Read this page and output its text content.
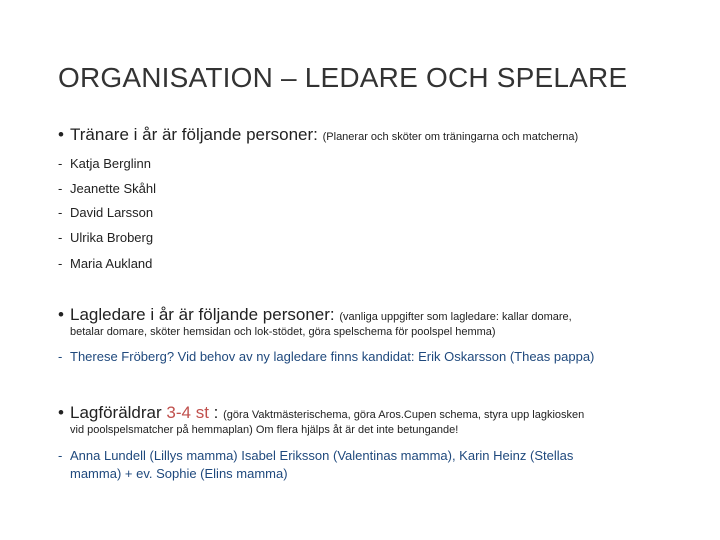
ORGANISATION – LEDARE OCH SPELARE
• Tränare i år är följande personer: (Planerar och sköter om träningarna och matcherna)
- Katja Berglinn
- Jeanette Skåhl
- David Larsson
- Ulrika Broberg
- Maria Aukland
• Lagledare i år är följande personer: (vanliga uppgifter som lagledare: kallar domare,
betalar domare, sköter hemsidan och lok-stödet, göra spelschema för poolspel hemma)
- Therese Fröberg? Vid behov av ny lagledare finns kandidat: Erik Oskarsson (Theas pappa)
• Lagföräldrar 3-4 st : (göra Vaktmästerischema, göra Aros.Cupen schema, styra upp lagkiosken
vid poolspelsmatcher på hemmaplan) Om flera hjälps åt är det inte betungande!
- Anna Lundell (Lillys mamma) Isabel Eriksson (Valentinas mamma), Karin Heinz (Stellas
mamma) + ev. Sophie (Elins mamma)
